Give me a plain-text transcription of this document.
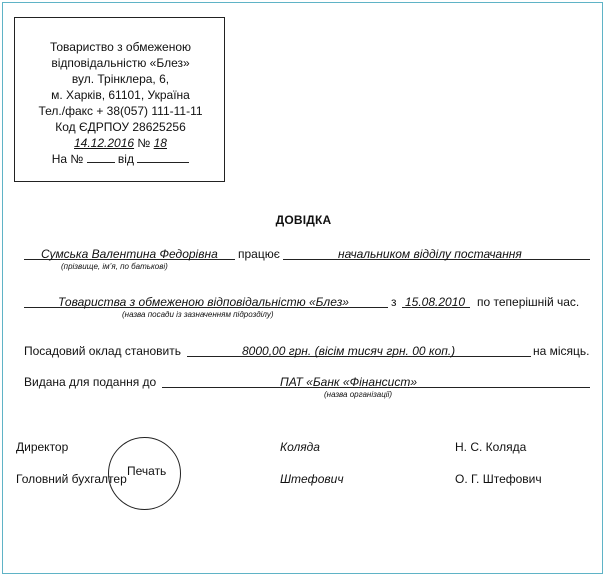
Товариство з обмеженою
відповідальністю «Блез»
вул. Трінклера, 6,
м. Харків, 61101, Україна
Тел./факс + 38(057) 111-11-11
Код ЄДРПОУ 28625256
14.12.2016 № 18
На №	від
ДОВІДКА
Сумська Валентина Федорівна працює	начальником відділу постачання
(прізвище, ім’я, по батькові)
Товариства з обмеженою відповідальністю «Блез»	з 15.08.2010 по теперішній час.
(назва посади із зазначенням підрозділу)
Посадовий оклад становить	8000,00 грн. (вісім тисяч грн. 00 коп.)	на місяць.
Видана для подання до	ПАТ «Банк «Фінансист»
(назва організації)
Директор	Коляда	Н. С. Коляда
Головний бухгалтер	Штефович	О. Г. Штефович
Печать
